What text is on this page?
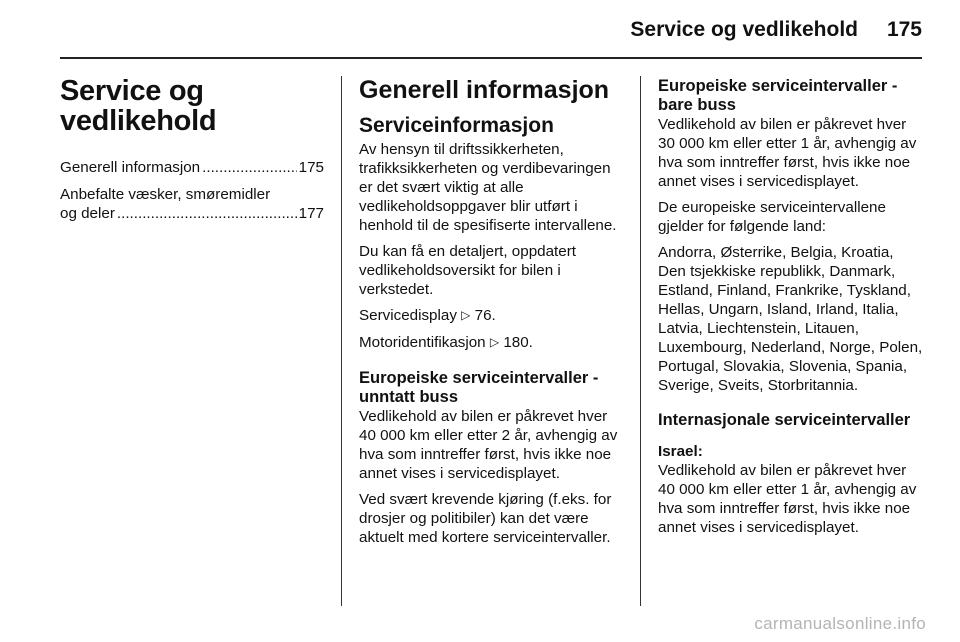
Service og vedlikehold	175
Service og vedlikehold
Generell informasjon .....	175
Anbefalte væsker, smøremidler
og deler .....	177
Generell informasjon
Serviceinformasjon

Av hensyn til driftssikkerheten, trafikksikkerheten og verdibevaringen er det svært viktig at alle vedlikeholdsoppgaver blir utført i henhold til de spesifiserte intervallene.

Du kan få en detaljert, oppdatert vedlikeholdsoversikt for bilen i verkstedet.

Servicedisplay ▷ 76.

Motoridentifikasjon ▷ 180.

Europeiske serviceintervaller - unntatt buss

Vedlikehold av bilen er påkrevet hver 40 000 km eller etter 2 år, avhengig av hva som inntreffer først, hvis ikke noe annet vises i servicedisplayet.

Ved svært krevende kjøring (f.eks. for drosjer og politibiler) kan det være aktuelt med kortere serviceintervaller.

Europeiske serviceintervaller - bare buss

Vedlikehold av bilen er påkrevet hver 30 000 km eller etter 1 år, avhengig av hva som inntreffer først, hvis ikke noe annet vises i servicedisplayet.

De europeiske serviceintervallene gjelder for følgende land:

Andorra, Østerrike, Belgia, Kroatia, Den tsjekkiske republikk, Danmark, Estland, Finland, Frankrike, Tyskland, Hellas, Ungarn, Island, Irland, Italia, Latvia, Liechtenstein, Litauen, Luxembourg, Nederland, Norge, Polen, Portugal, Slovakia, Slovenia, Spania, Sverige, Sveits, Storbritannia.

Internasjonale serviceintervaller
Israel:

Vedlikehold av bilen er påkrevet hver 40 000 km eller etter 1 år, avhengig av hva som inntreffer først, hvis ikke noe annet vises i servicedisplayet.

carmanualsonline.info
